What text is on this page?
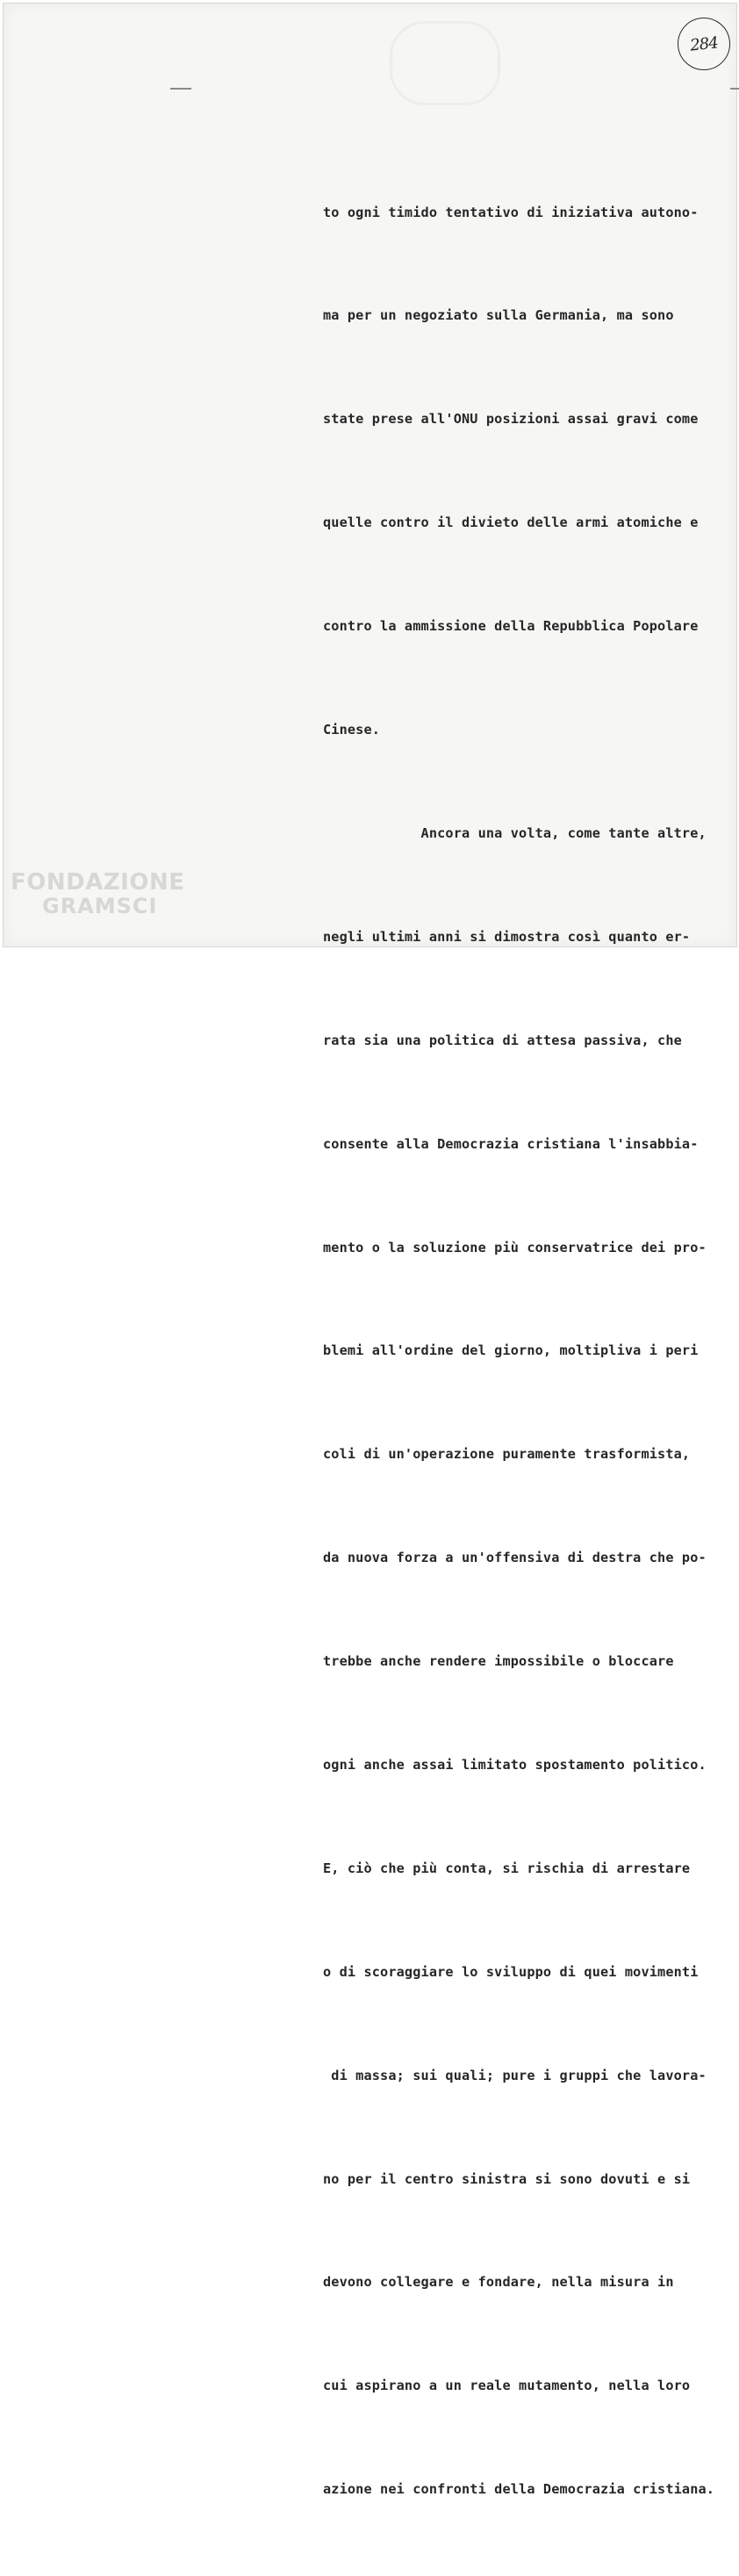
284

to ogni timido tentativo di iniziativa autono-

ma per un negoziato sulla Germania, ma sono

state prese all'ONU posizioni assai gravi come

quelle contro il divieto delle armi atomiche e

contro la ammissione della Repubblica Popolare

Cinese.

Ancora una volta, come tante altre,

negli ultimi anni si dimostra così quanto er-

rata sia una politica di attesa passiva, che

consente alla Democrazia cristiana l'insabbia-

mento o la soluzione più conservatrice dei pro-

blemi all'ordine del giorno, moltipliva i peri

coli di un'operazione puramente trasformista,

da nuova forza a un'offensiva di destra che po-

trebbe anche rendere impossibile o bloccare

ogni anche assai limitato spostamento politico.

E, ciò che più conta, si rischia di arrestare

o di scoraggiare lo sviluppo di quei movimenti

di massa; sui quali; pure i gruppi che lavora-

no per il centro sinistra si sono dovuti e si

devono collegare e fondare, nella misura in

cui aspirano a un reale mutamento, nella loro

azione nei confronti della Democrazia cristiana.

FONDAZIONE
GRAMSCI
